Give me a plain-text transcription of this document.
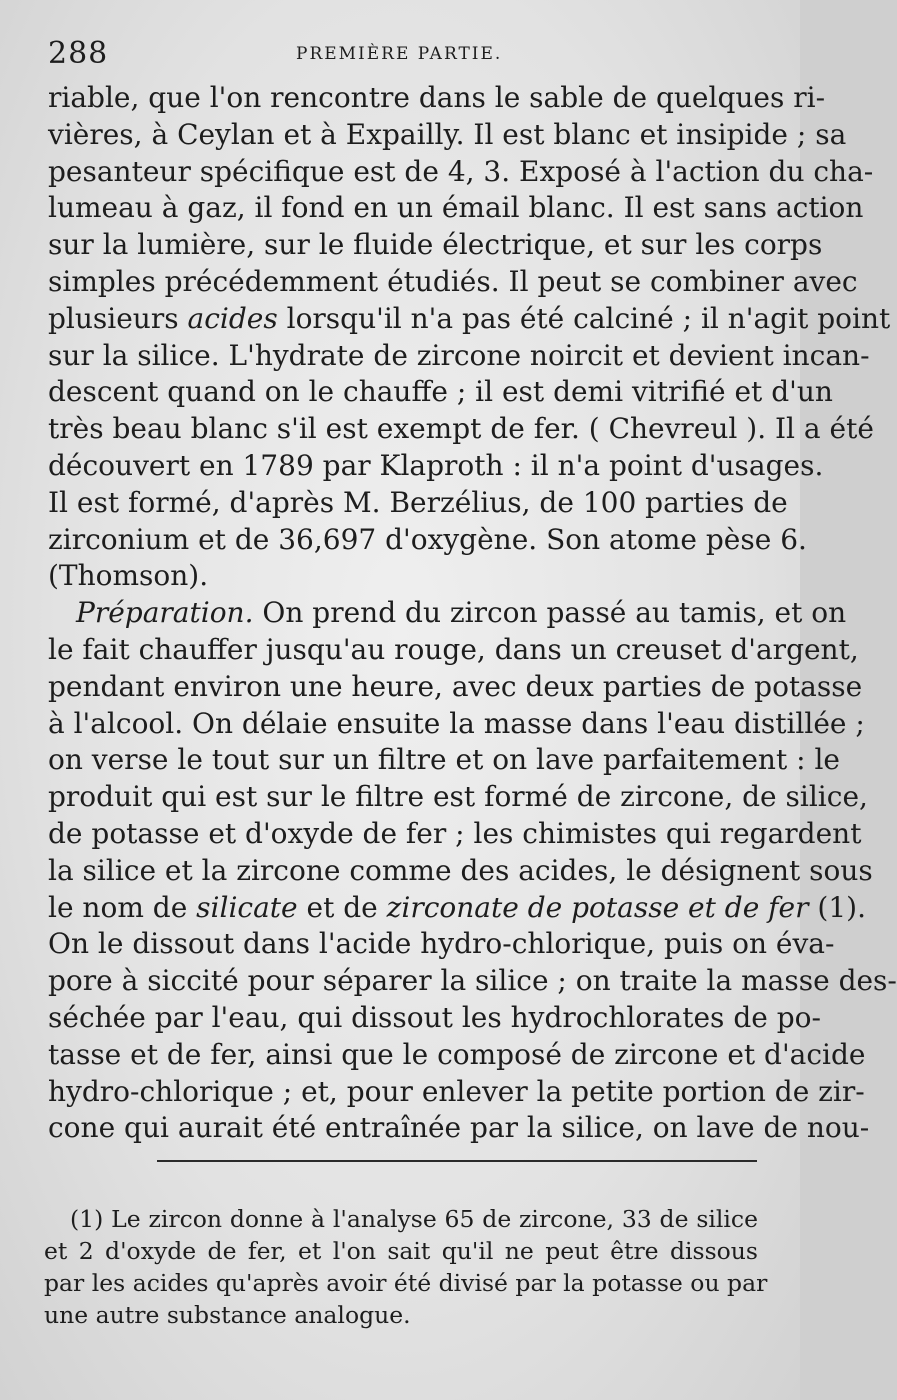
288	PREMIÈRE PARTIE.
riable, que l'on rencontre dans le sable de quelques ri-
vières, à Ceylan et à Expailly. Il est blanc et insipide ; sa
pesanteur spécifique est de 4, 3. Exposé à l'action du cha-
lumeau à gaz, il fond en un émail blanc. Il est sans action
sur la lumière, sur le fluide électrique, et sur les corps
simples précédemment étudiés. Il peut se combiner avec
plusieurs acides lorsqu'il n'a pas été calciné ; il n'agit point
sur la silice. L'hydrate de zircone noircit et devient incan-
descent quand on le chauffe ; il est demi vitrifié et d'un
très beau blanc s'il est exempt de fer. ( Chevreul ). Il a été
découvert en 1789 par Klaproth : il n'a point d'usages.
Il est formé, d'après M. Berzélius, de 100 parties de
zirconium et de 36,697 d'oxygène. Son atome pèse 6.
(Thomson).
Préparation. On prend du zircon passé au tamis, et on
le fait chauffer jusqu'au rouge, dans un creuset d'argent,
pendant environ une heure, avec deux parties de potasse
à l'alcool. On délaie ensuite la masse dans l'eau distillée ;
on verse le tout sur un filtre et on lave parfaitement : le
produit qui est sur le filtre est formé de zircone, de silice,
de potasse et d'oxyde de fer ; les chimistes qui regardent
la silice et la zircone comme des acides, le désignent sous
le nom de silicate et de zirconate de potasse et de fer (1).
On le dissout dans l'acide hydro-chlorique, puis on éva-
pore à siccité pour séparer la silice ; on traite la masse des-
séchée par l'eau, qui dissout les hydrochlorates de po-
tasse et de fer, ainsi que le composé de zircone et d'acide
hydro-chlorique ; et, pour enlever la petite portion de zir-
cone qui aurait été entraînée par la silice, on lave de nou-
(1) Le zircon donne à l'analyse 65 de zircone, 33 de silice
et 2 d'oxyde de fer, et l'on sait qu'il ne peut être dissous
par les acides qu'après avoir été divisé par la potasse ou par
une autre substance analogue.
